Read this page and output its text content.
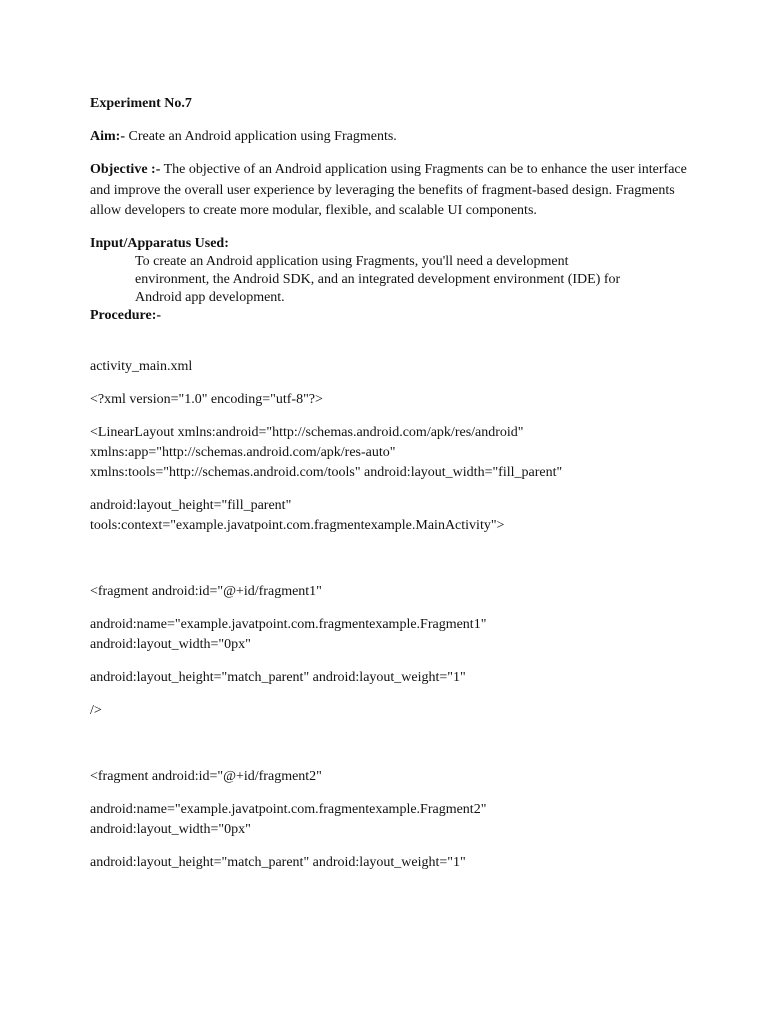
Experiment No.7
Aim:- Create an Android application using Fragments.
Objective :- The objective of an Android application using Fragments can be to enhance the user interface and improve the overall user experience by leveraging the benefits of fragment-based design. Fragments allow developers to create more modular, flexible, and scalable UI components.
Input/Apparatus Used:
To create an Android application using Fragments, you'll need a development
environment, the Android SDK, and an integrated development environment (IDE) for
Android app development.
Procedure:-
activity_main.xml
<?xml version="1.0" encoding="utf-8"?>
<LinearLayout xmlns:android="http://schemas.android.com/apk/res/android"
xmlns:app="http://schemas.android.com/apk/res-auto"
xmlns:tools="http://schemas.android.com/tools" android:layout_width="fill_parent"
android:layout_height="fill_parent"
tools:context="example.javatpoint.com.fragmentexample.MainActivity">
<fragment android:id="@+id/fragment1"
android:name="example.javatpoint.com.fragmentexample.Fragment1"
android:layout_width="0px"
android:layout_height="match_parent" android:layout_weight="1"
/>
<fragment android:id="@+id/fragment2"
android:name="example.javatpoint.com.fragmentexample.Fragment2"
android:layout_width="0px"
android:layout_height="match_parent" android:layout_weight="1"
